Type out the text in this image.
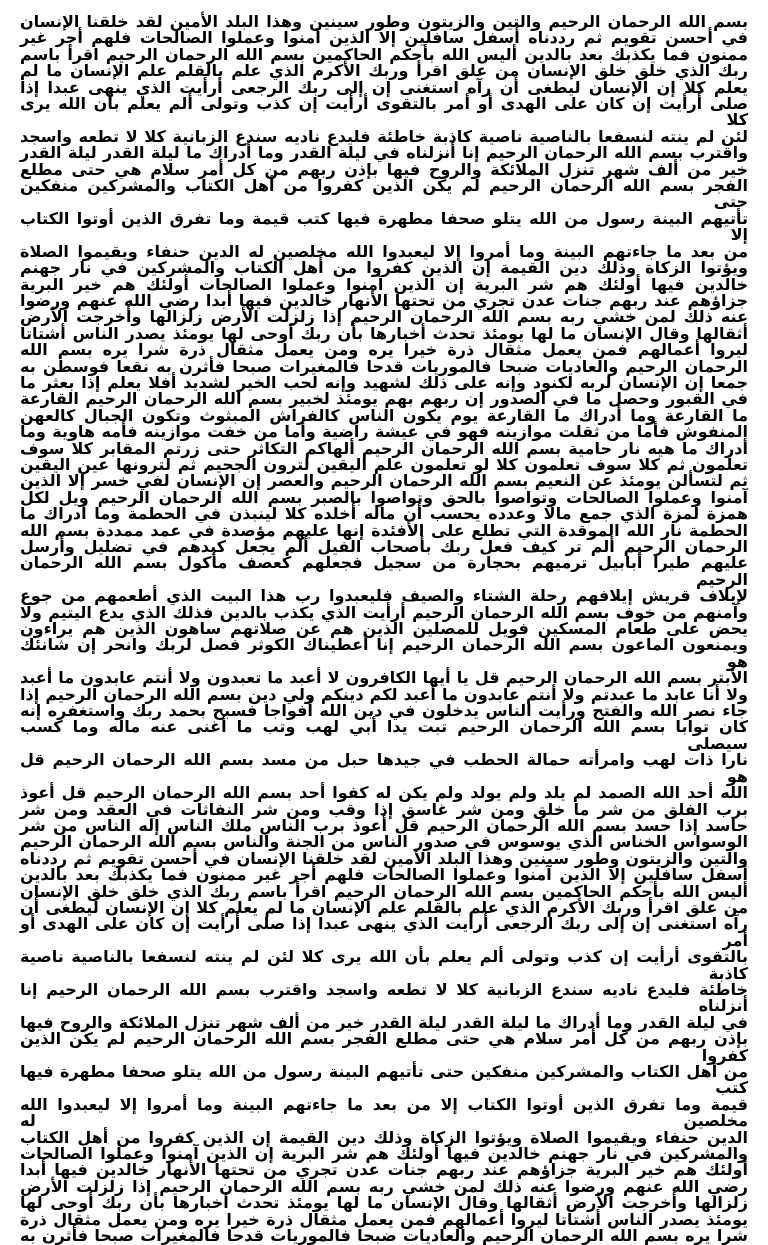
بسم الله الرحمان الرحيم والتين والزيتون وطور سينين وهذا البلد الأمين لقد خلقنا الإنسان
في أحسن تقويم ثم رددناه أسفل سافلين إلا الذين آمنوا وعملوا الصالحات فلهم أجر غير
ممنون فما يكذبك بعد بالدين أليس الله بأحكم الحاكمين بسم الله الرحمان الرحيم اقرأ باسم
ربك الذي خلق خلق الإنسان من علق اقرأ وربك الأكرم الذي علم بالقلم علم الإنسان ما لم
يعلم كلا إن الإنسان ليطغى أن رآه استغنى إن إلى ربك الرجعى أرأيت الذي ينهى عبدا إذا
صلى أرأيت إن كان على الهدى أو أمر بالتقوى أرأيت إن كذب وتولى ألم يعلم بأن الله يرى كلا
لئن لم ينته لنسفعا بالناصية ناصية كاذبة خاطئة فليدع ناديه سندع الزبانية كلا لا تطعه واسجد
واقترب بسم الله الرحمان الرحيم إنا أنزلناه في ليلة القدر وما أدراك ما ليلة القدر ليلة القدر
خير من ألف شهر تنزل الملائكة والروح فيها بإذن ربهم من كل أمر سلام هي حتى مطلع
الفجر بسم الله الرحمان الرحيم لم يكن الذين كفروا من أهل الكتاب والمشركين منفكين حتى
تأتيهم البينة رسول من الله يتلو صحفا مطهرة فيها كتب قيمة وما تفرق الذين أوتوا الكتاب إلا
من بعد ما جاءتهم البينة وما أمروا إلا ليعبدوا الله مخلصين له الدين حنفاء ويقيموا الصلاة
ويؤتوا الزكاة وذلك دين القيمة إن الذين كفروا من أهل الكتاب والمشركين في نار جهنم
خالدين فيها أولئك هم شر البرية إن الذين آمنوا وعملوا الصالحات أولئك هم خير البرية
جزاؤهم عند ربهم جنات عدن تجري من تحتها الأنهار خالدين فيها أبدا رضي الله عنهم ورضوا
عنه ذلك لمن خشي ربه بسم الله الرحمان الرحيم إذا زلزلت الأرض زلزالها وأخرجت الأرض
أثقالها وقال الإنسان ما لها يومئذ تحدث أخبارها بأن ربك أوحى لها يومئذ يصدر الناس أشتاتا
ليروا أعمالهم فمن يعمل مثقال ذرة خيرا يره ومن يعمل مثقال ذرة شرا يره بسم الله
الرحمان الرحيم والعاديات ضبحا فالموريات قدحا فالمغيرات صبحا فأثرن به نقعا فوسطن به
جمعا إن الإنسان لربه لكنود وإنه على ذلك لشهيد وإنه لحب الخير لشديد أفلا يعلم إذا بعثر ما
في القبور وحصل ما في الصدور إن ربهم بهم يومئذ لخبير بسم الله الرحمان الرحيم القارعة
ما القارعة وما أدراك ما القارعة يوم يكون الناس كالفراش المبثوث وتكون الجبال كالعهن
المنفوش فأما من ثقلت موازينه فهو في عيشة راضية وأما من خفت موازينه فأمه هاوية وما
أدراك ما هيه نار حامية بسم الله الرحمان الرحيم ألهاكم التكاثر حتى زرتم المقابر كلا سوف
تعلمون ثم كلا سوف تعلمون كلا لو تعلمون علم اليقين لترون الجحيم ثم لترونها عين اليقين
ثم لتسألن يومئذ عن النعيم بسم الله الرحمان الرحيم والعصر إن الإنسان لفي خسر إلا الذين
آمنوا وعملوا الصالحات وتواصوا بالحق وتواصوا بالصبر بسم الله الرحمان الرحيم ويل لكل
همزة لمزة الذي جمع مالا وعدده يحسب أن ماله أخلده كلا لينبذن في الحطمة وما أدراك ما
الحطمة نار الله الموقدة التي تطلع على الأفئدة إنها عليهم مؤصدة في عمد ممددة بسم الله
الرحمان الرحيم ألم تر كيف فعل ربك بأصحاب الفيل ألم يجعل كيدهم في تضليل وأرسل
عليهم طيرا أبابيل ترميهم بحجارة من سجيل فجعلهم كعصف مأكول بسم الله الرحمان الرحيم
لإيلاف قريش إيلافهم رحلة الشتاء والصيف فليعبدوا رب هذا البيت الذي أطعمهم من جوع
وآمنهم من خوف بسم الله الرحمان الرحيم أرأيت الذي يكذب بالدين فذلك الذي يدع اليتيم ولا
يحض على طعام المسكين فويل للمصلين الذين هم عن صلاتهم ساهون الذين هم يراءون
ويمنعون الماعون بسم الله الرحمان الرحيم إنا أعطيناك الكوثر فصل لربك وانحر إن شانئك هو
الأبتر بسم الله الرحمان الرحيم قل يا أيها الكافرون لا أعبد ما تعبدون ولا أنتم عابدون ما أعبد
ولا أنا عابد ما عبدتم ولا أنتم عابدون ما أعبد لكم دينكم ولي دين بسم الله الرحمان الرحيم إذا
جاء نصر الله والفتح ورأيت الناس يدخلون في دين الله أفواجا فسبح بحمد ربك واستغفره إنه
كان توابا بسم الله الرحمان الرحيم تبت يدا أبي لهب وتب ما أغنى عنه ماله وما كسب سيصلى
نارا ذات لهب وامرأته حمالة الحطب في جيدها حبل من مسد بسم الله الرحمان الرحيم قل هو
الله أحد الله الصمد لم يلد ولم يولد ولم يكن له كفوا أحد بسم الله الرحمان الرحيم قل أعوذ
برب الفلق من شر ما خلق ومن شر غاسق إذا وقب ومن شر النفاثات في العقد ومن شر
حاسد إذا حسد بسم الله الرحمان الرحيم قل أعوذ برب الناس ملك الناس إله الناس من شر
الوسواس الخناس الذي يوسوس في صدور الناس من الجنة والناس بسم الله الرحمان الرحيم
والتين والزيتون وطور سينين وهذا البلد الأمين لقد خلقنا الإنسان في أحسن تقويم ثم رددناه
أسفل سافلين إلا الذين آمنوا وعملوا الصالحات فلهم أجر غير ممنون فما يكذبك بعد بالدين
أليس الله بأحكم الحاكمين بسم الله الرحمان الرحيم اقرأ باسم ربك الذي خلق خلق الإنسان
من علق اقرأ وربك الأكرم الذي علم بالقلم علم الإنسان ما لم يعلم كلا إن الإنسان ليطغى أن
رآه استغنى إن إلى ربك الرجعى أرأيت الذي ينهى عبدا إذا صلى أرأيت إن كان على الهدى أو أمر
بالتقوى أرأيت إن كذب وتولى ألم يعلم بأن الله يرى كلا لئن لم ينته لنسفعا بالناصية ناصية كاذبة
خاطئة فليدع ناديه سندع الزبانية كلا لا تطعه واسجد واقترب بسم الله الرحمان الرحيم إنا أنزلناه
في ليلة القدر وما أدراك ما ليلة القدر ليلة القدر خير من ألف شهر تنزل الملائكة والروح فيها
بإذن ربهم من كل أمر سلام هي حتى مطلع الفجر بسم الله الرحمان الرحيم لم يكن الذين كفروا
من أهل الكتاب والمشركين منفكين حتى تأتيهم البينة رسول من الله يتلو صحفا مطهرة فيها كتب
قيمة وما تفرق الذين أوتوا الكتاب إلا من بعد ما جاءتهم البينة وما أمروا إلا ليعبدوا الله مخلصين له
الدين حنفاء ويقيموا الصلاة ويؤتوا الزكاة وذلك دين القيمة إن الذين كفروا من أهل الكتاب
والمشركين في نار جهنم خالدين فيها أولئك هم شر البرية إن الذين آمنوا وعملوا الصالحات
أولئك هم خير البرية جزاؤهم عند ربهم جنات عدن تجري من تحتها الأنهار خالدين فيها أبدا
رضي الله عنهم ورضوا عنه ذلك لمن خشي ربه بسم الله الرحمان الرحيم إذا زلزلت الأرض
زلزالها وأخرجت الأرض أثقالها وقال الإنسان ما لها يومئذ تحدث أخبارها بأن ربك أوحى لها
يومئذ يصدر الناس أشتاتا ليروا أعمالهم فمن يعمل مثقال ذرة خيرا يره ومن يعمل مثقال ذرة
شرا يره بسم الله الرحمان الرحيم والعاديات ضبحا فالموريات قدحا فالمغيرات صبحا فأثرن به
